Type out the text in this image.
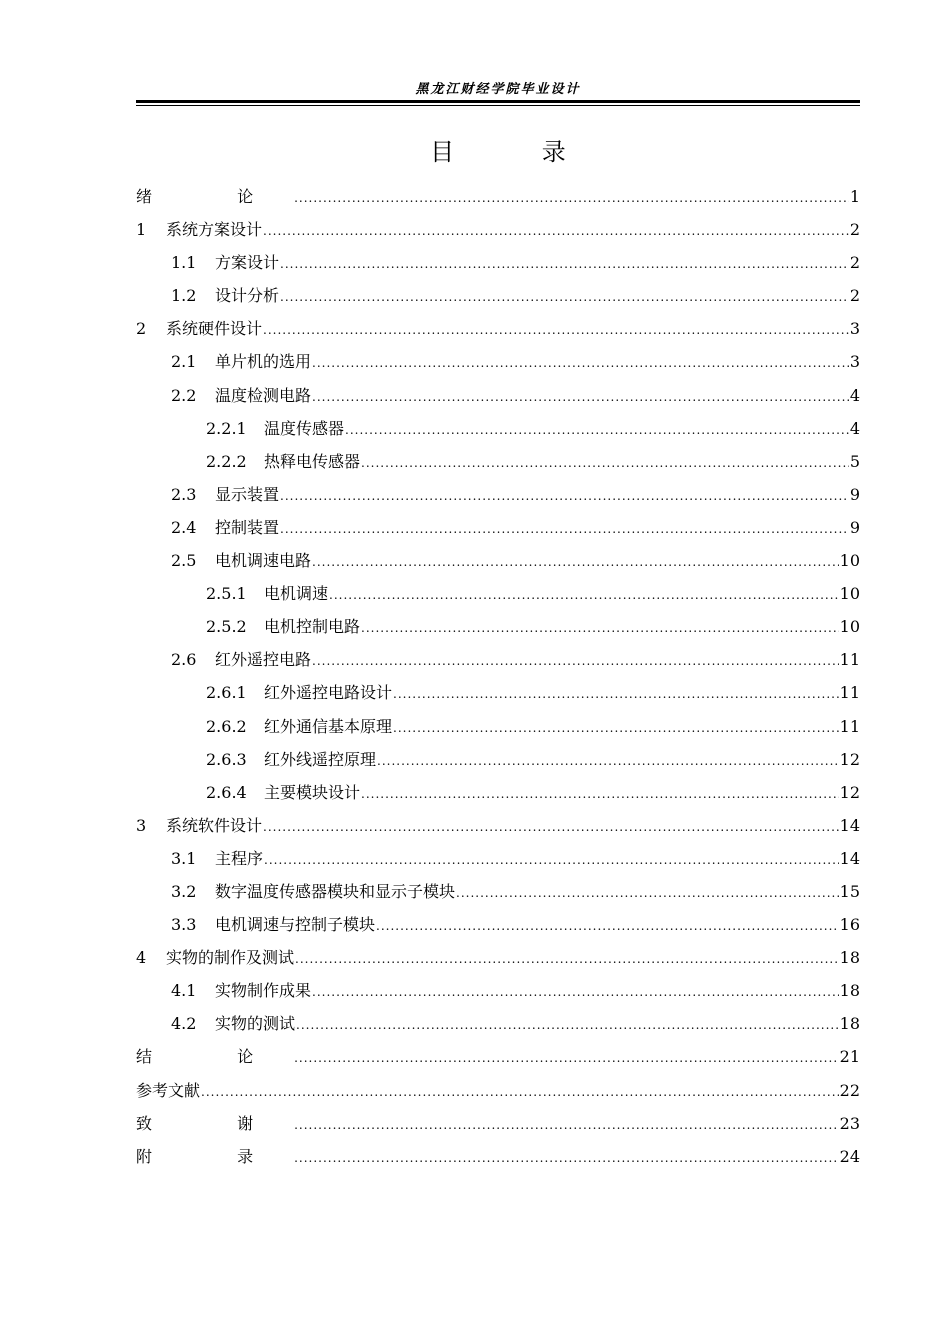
黑龙江财经学院毕业设计
目 录
绪 论 .....	1
1	系统方案设计 .....	2
1.1	方案设计 .....	2
1.2	设计分析 .....	2
2	系统硬件设计 .....	3
2.1	单片机的选用 .....	3
2.2	温度检测电路 .....	4
2.2.1	温度传感器 .....	4
2.2.2	热释电传感器 .....	5
2.3	显示装置 .....	9
2.4	控制装置 .....	9
2.5	电机调速电路 .....	10
2.5.1	电机调速 .....	10
2.5.2	电机控制电路 .....	10
2.6	红外遥控电路 .....	11
2.6.1	红外遥控电路设计 .....	11
2.6.2	红外通信基本原理 .....	11
2.6.3	红外线遥控原理 .....	12
2.6.4	主要模块设计 .....	12
3	系统软件设计 .....	14
3.1	主程序 .....	14
3.2	数字温度传感器模块和显示子模块 .....	15
3.3	电机调速与控制子模块 .....	16
4	实物的制作及测试 .....	18
4.1	实物制作成果 .....	18
4.2	实物的测试 .....	18
结 论 .....	21
参考文献 .....	22
致 谢 .....	23
附 录 .....	24
